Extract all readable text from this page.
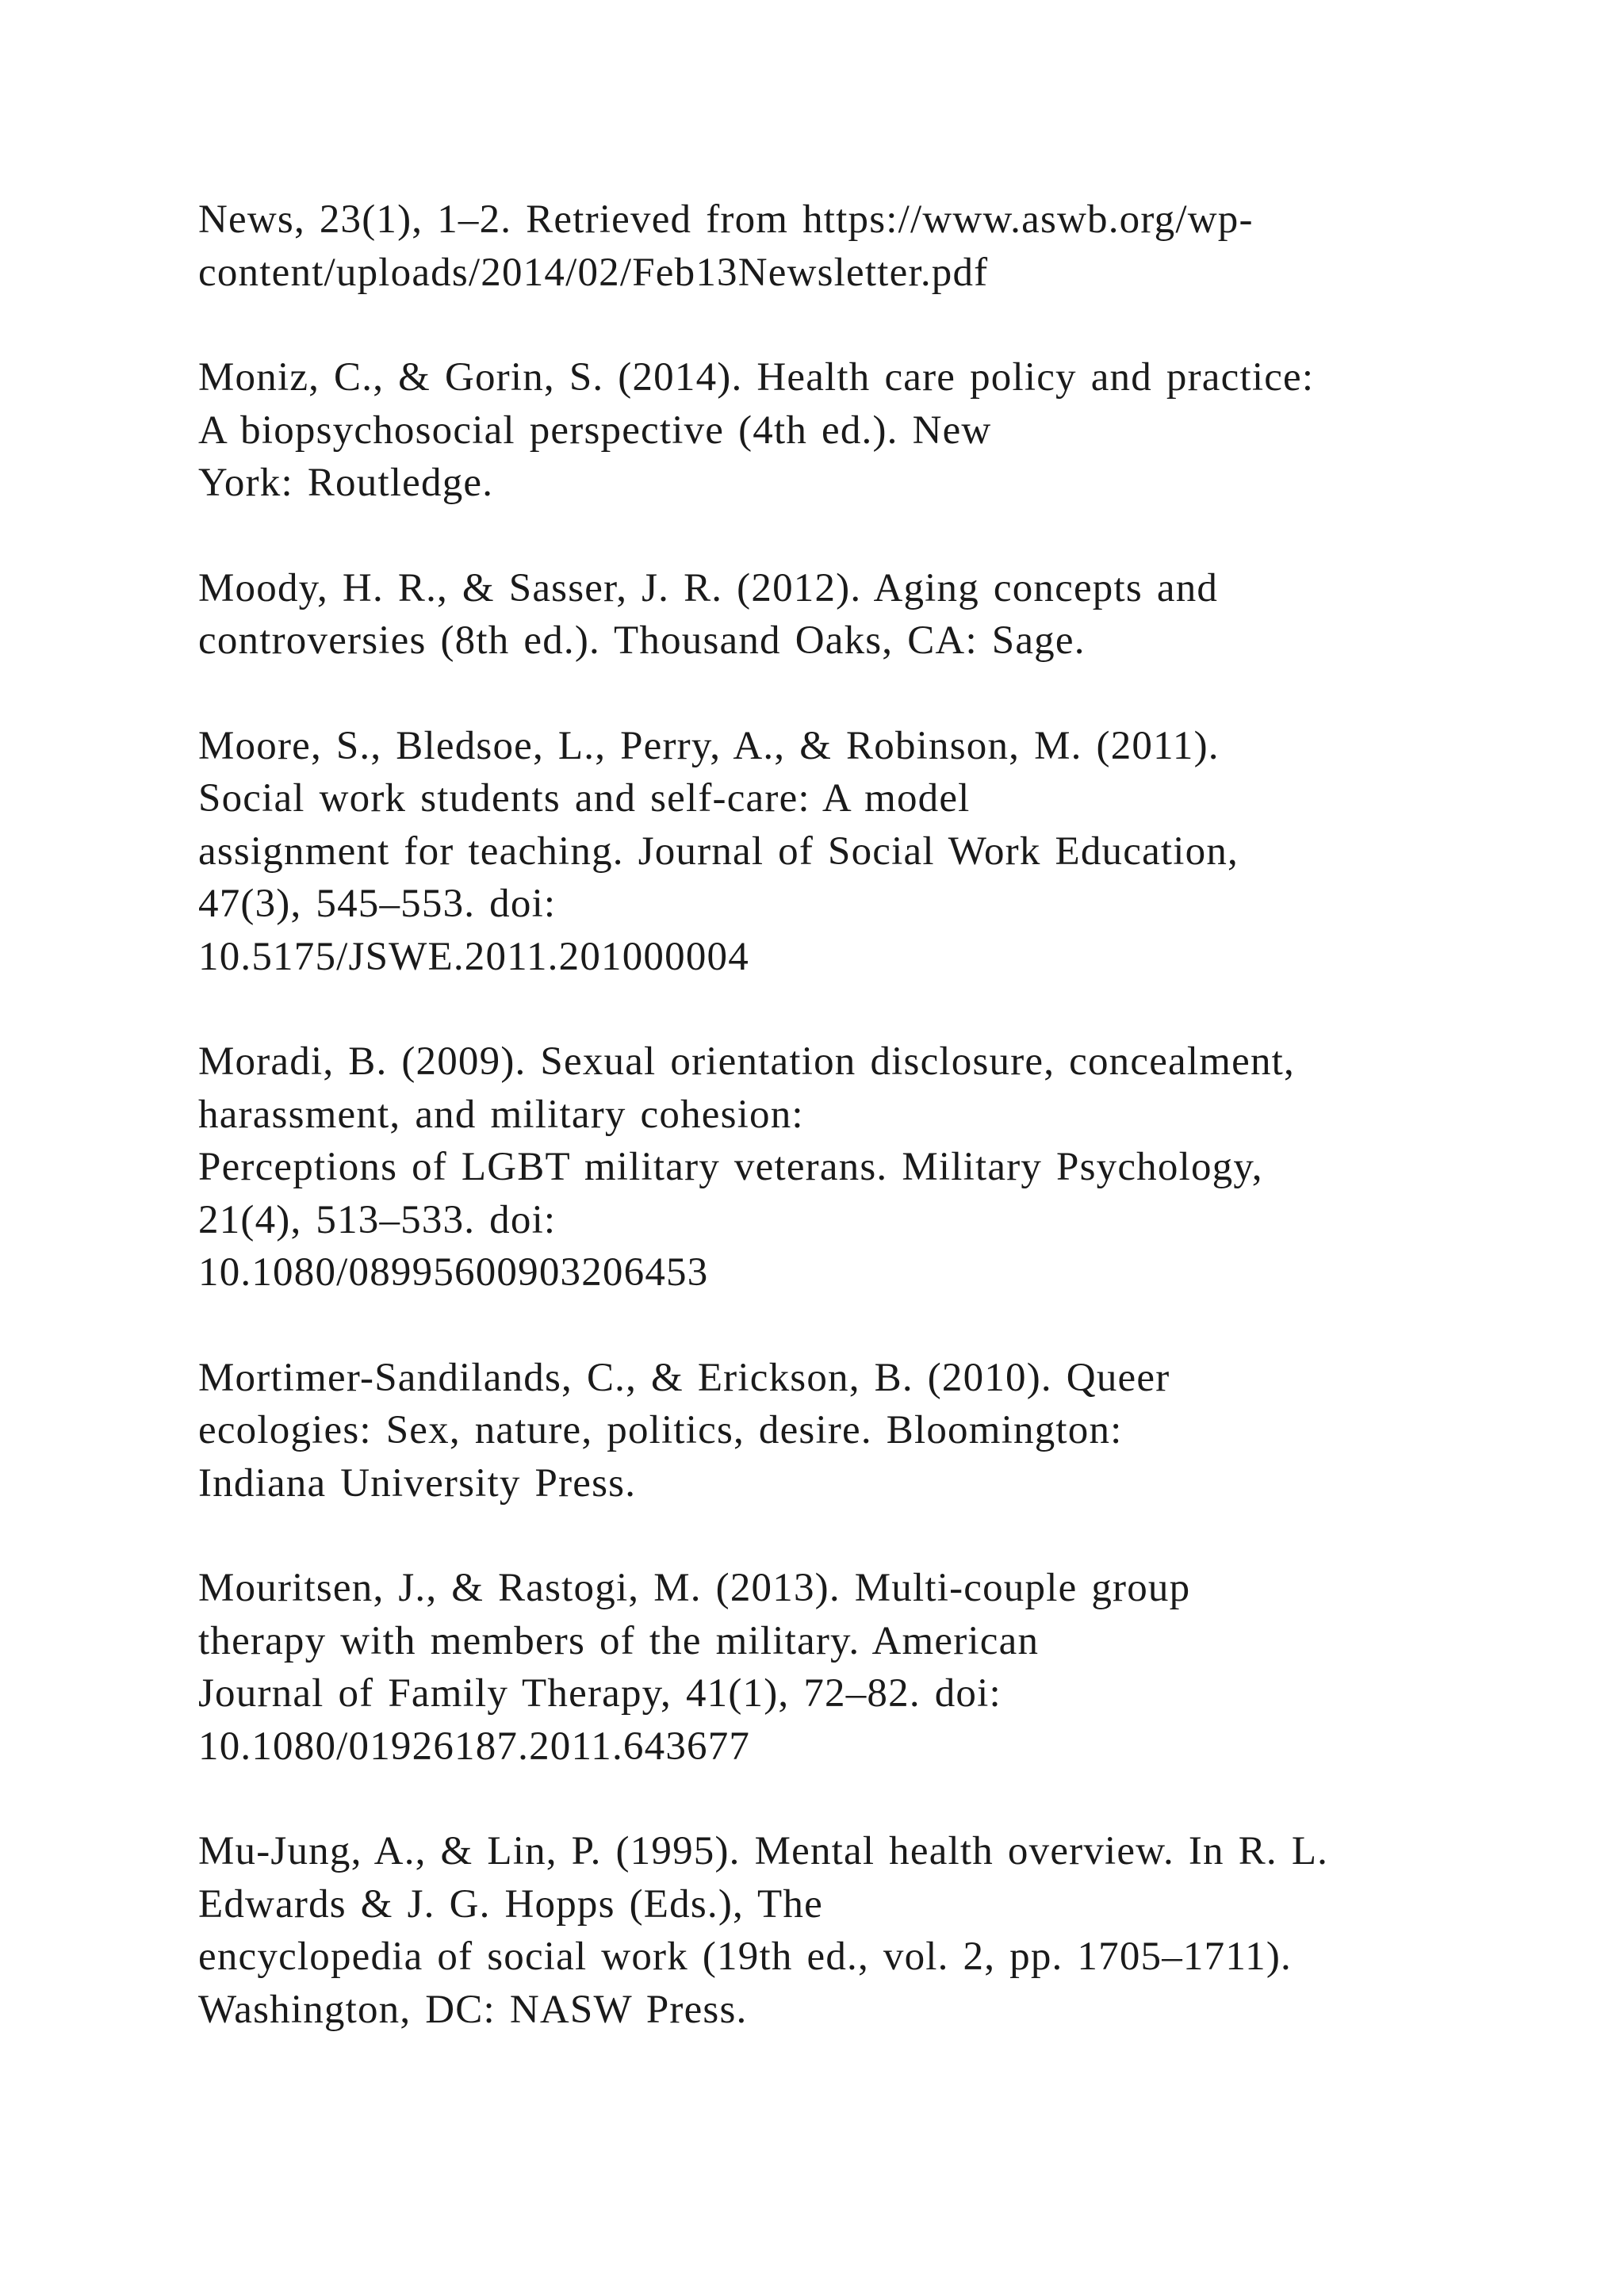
News, 23(1), 1–2. Retrieved from https://www.aswb.org/wp-
content/uploads/2014/02/Feb13Newsletter.pdf
Moniz, C., & Gorin, S. (2014). Health care policy and practice:
A biopsychosocial perspective (4th ed.). New
York: Routledge.
Moody, H. R., & Sasser, J. R. (2012). Aging concepts and
controversies (8th ed.). Thousand Oaks, CA: Sage.
Moore, S., Bledsoe, L., Perry, A., & Robinson, M. (2011).
Social work students and self-care: A model
assignment for teaching. Journal of Social Work Education,
47(3), 545–553. doi:
10.5175/JSWE.2011.201000004
Moradi, B. (2009). Sexual orientation disclosure, concealment,
harassment, and military cohesion:
Perceptions of LGBT military veterans. Military Psychology,
21(4), 513–533. doi:
10.1080/08995600903206453
Mortimer-Sandilands, C., & Erickson, B. (2010). Queer
ecologies: Sex, nature, politics, desire. Bloomington:
Indiana University Press.
Mouritsen, J., & Rastogi, M. (2013). Multi-couple group
therapy with members of the military. American
Journal of Family Therapy, 41(1), 72–82. doi:
10.1080/01926187.2011.643677
Mu-Jung, A., & Lin, P. (1995). Mental health overview. In R. L.
Edwards & J. G. Hopps (Eds.), The
encyclopedia of social work (19th ed., vol. 2, pp. 1705–1711).
Washington, DC: NASW Press.
